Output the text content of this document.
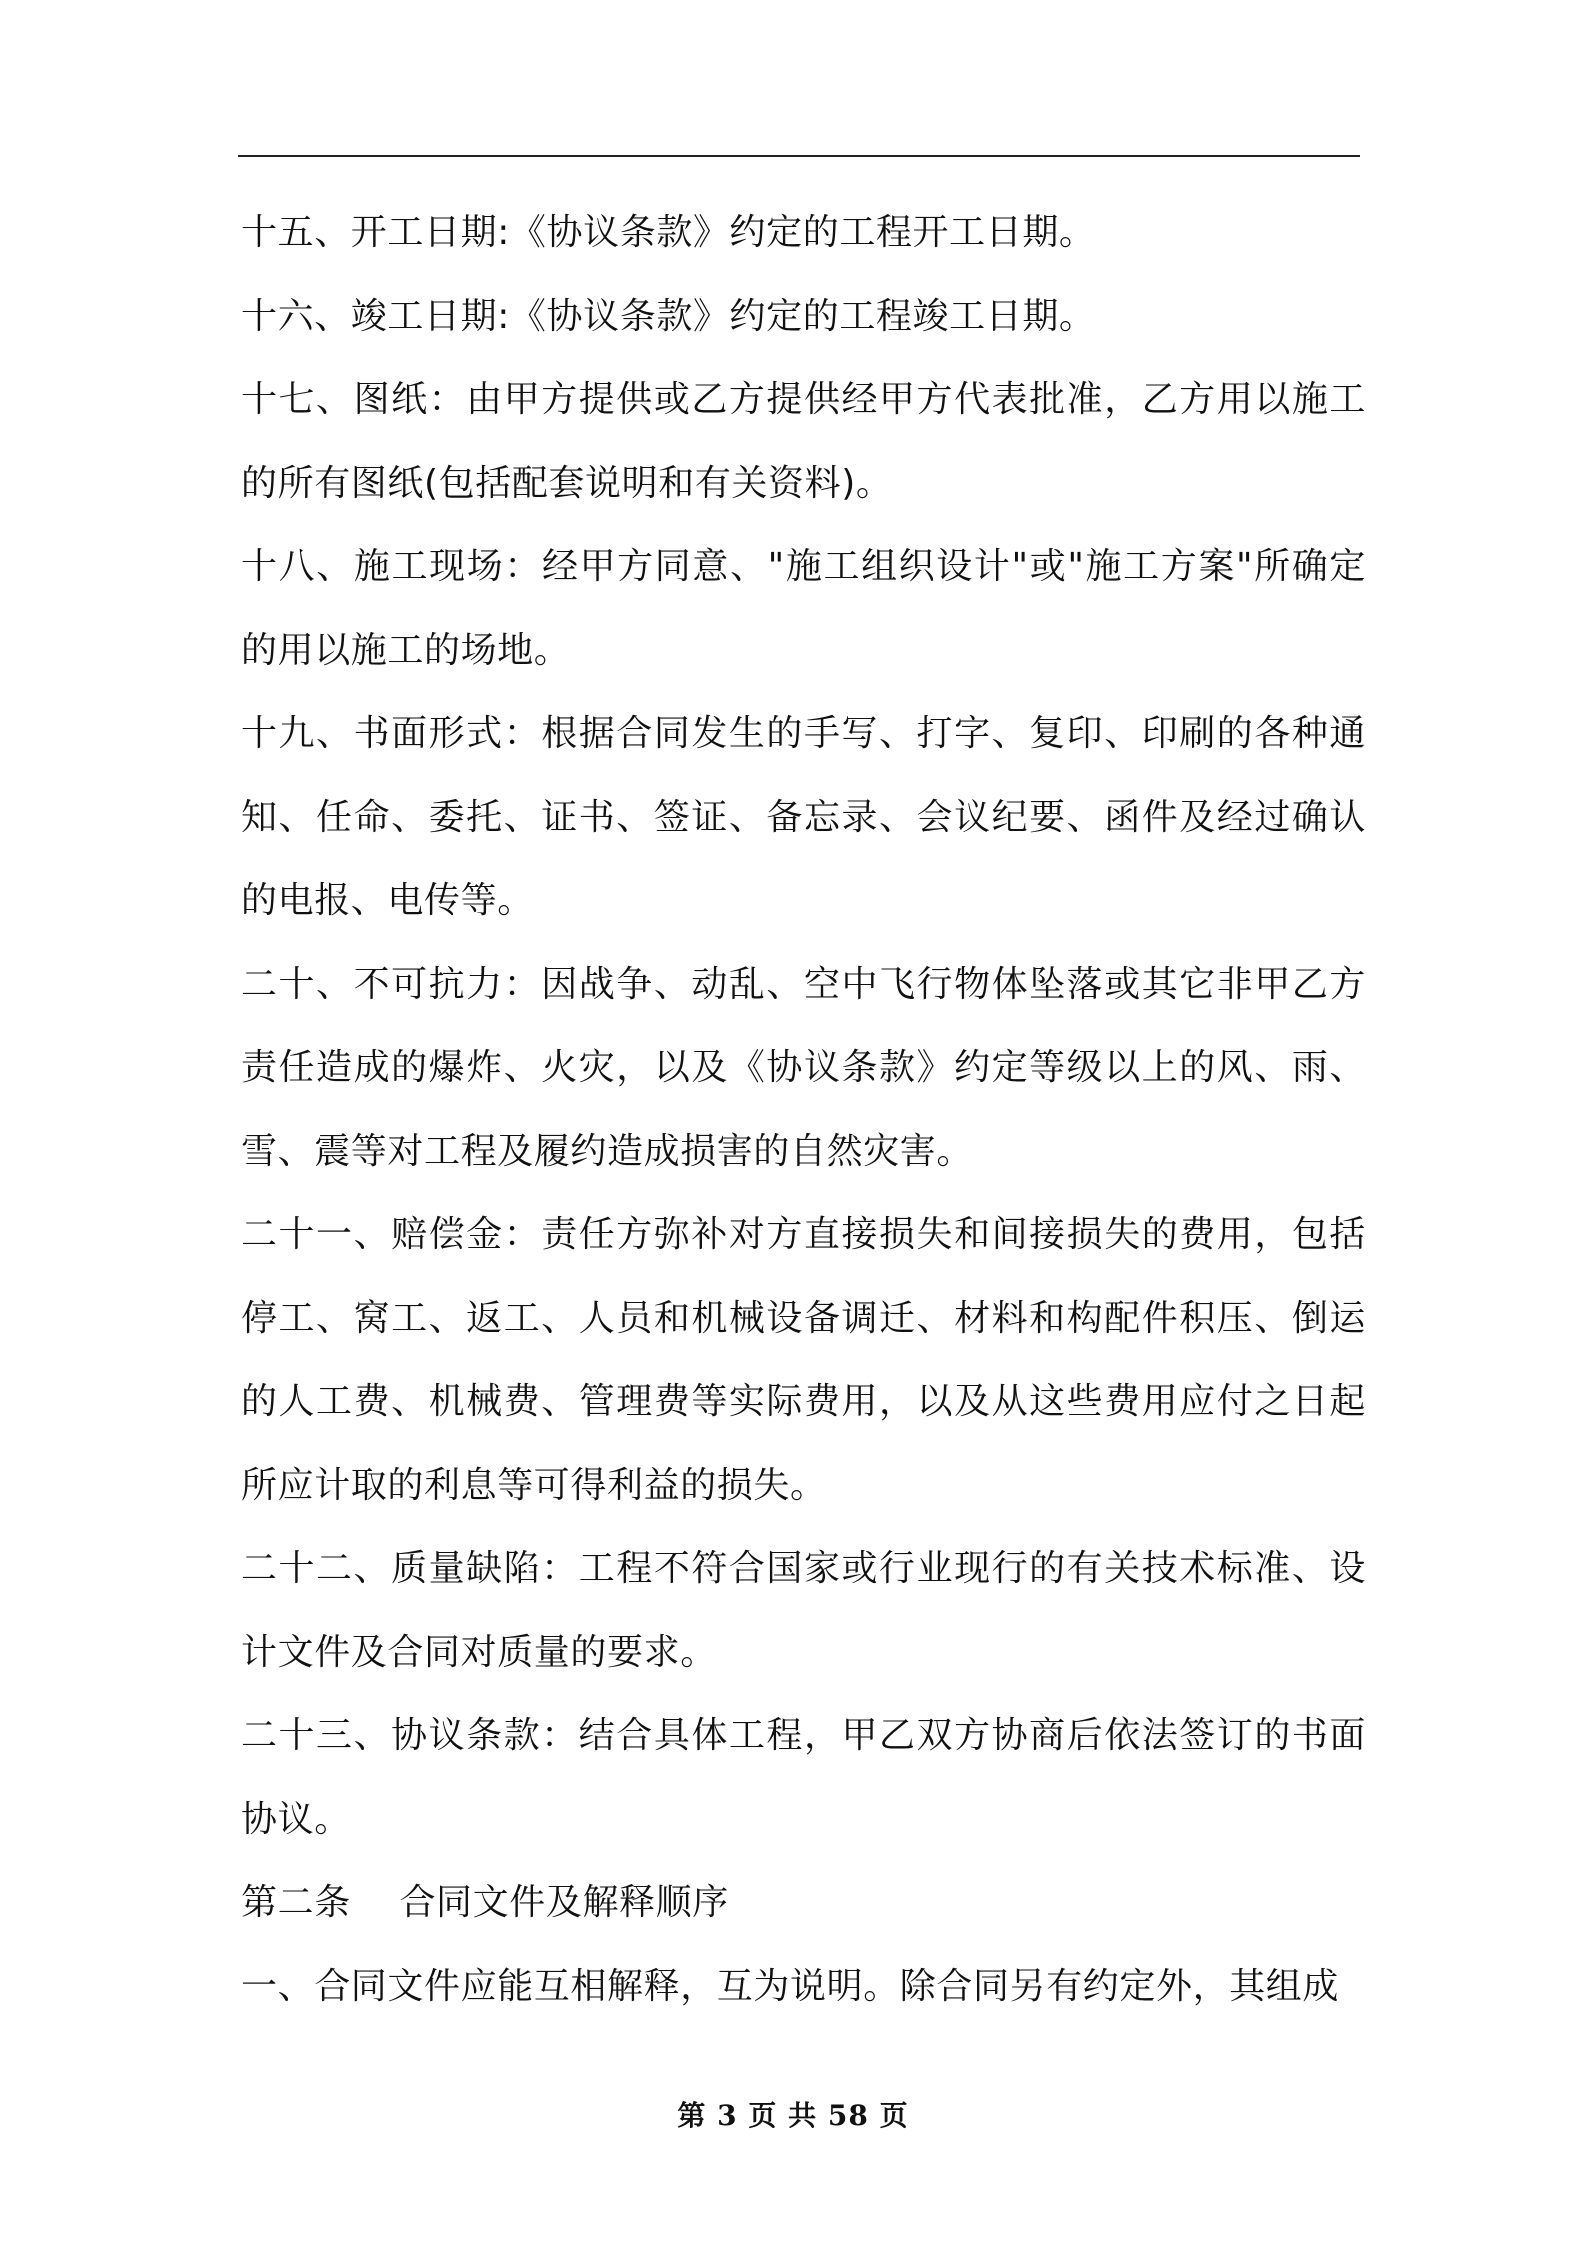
十五、开工日期:《协议条款》约定的工程开工日期。

十六、竣工日期:《协议条款》约定的工程竣工日期。

十七、图纸：由甲方提供或乙方提供经甲方代表批准，乙方用以施工的所有图纸(包括配套说明和有关资料)。

十八、施工现场：经甲方同意、"施工组织设计"或"施工方案"所确定的用以施工的场地。

十九、书面形式：根据合同发生的手写、打字、复印、印刷的各种通知、任命、委托、证书、签证、备忘录、会议纪要、函件及经过确认的电报、电传等。

二十、不可抗力：因战争、动乱、空中飞行物体坠落或其它非甲乙方责任造成的爆炸、火灾，以及《协议条款》约定等级以上的风、雨、雪、震等对工程及履约造成损害的自然灾害。

二十一、赔偿金：责任方弥补对方直接损失和间接损失的费用，包括停工、窝工、返工、人员和机械设备调迁、材料和构配件积压、倒运的人工费、机械费、管理费等实际费用，以及从这些费用应付之日起所应计取的利息等可得利益的损失。

二十二、质量缺陷：工程不符合国家或行业现行的有关技术标准、设计文件及合同对质量的要求。

二十三、协议条款：结合具体工程，甲乙双方协商后依法签订的书面协议。

第二条　 合同文件及解释顺序

一、合同文件应能互相解释，互为说明。除合同另有约定外，其组成

第 3 页 共 58 页
